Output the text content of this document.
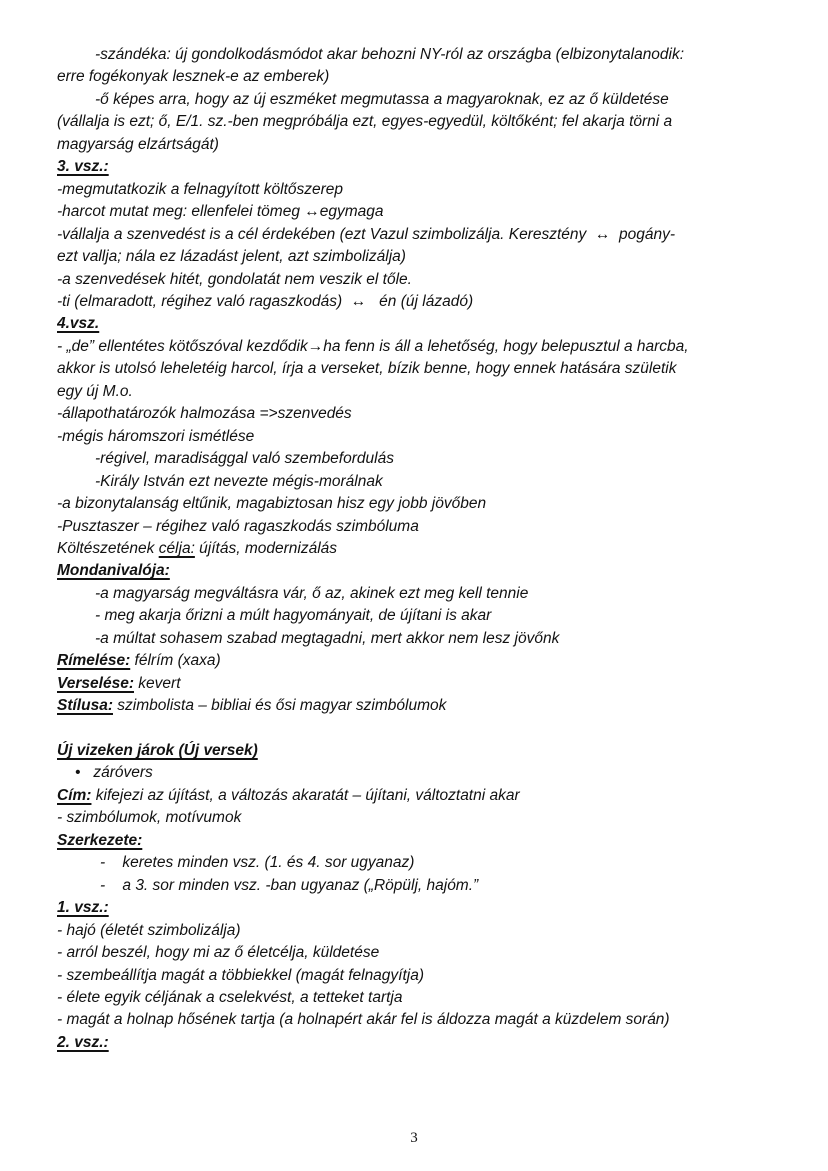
-szándéka: új gondolkodásmódot akar behozni NY-ról az országba (elbizonytalanodik:
erre fogékonyak lesznek-e az emberek)
-ő képes arra, hogy az új eszméket megmutassa a magyaroknak, ez az ő küldetése
(vállalja is ezt; ő, E/1. sz.-ben megpróbálja ezt, egyes-egyedül, költőként; fel akarja törni a
magyarság elzártságát)
3. vsz.:
-megmutatkozik a felnagyított költőszerep
-harcot mutat meg: ellenfelei tömeg ↔egymaga
-vállalja a szenvedést is a cél érdekében (ezt Vazul szimbolizálja. Keresztény  ↔  pogány-
ezt vallja; nála ez lázadást jelent, azt szimbolizálja)
-a szenvedések hitét, gondolatát nem veszik el tőle.
-ti (elmaradott, régihez való ragaszkodás)  ↔   én (új lázadó)
4.vsz.
- „de” ellentétes kötőszóval kezdődik→ha fenn is áll a lehetőség, hogy belepusztul a harcba,
akkor is utolsó leheletéig harcol, írja a verseket, bízik benne, hogy ennek hatására születik
egy új M.o.
-állapothatározók halmozása =>szenvedés
-mégis háromszori ismétlése
-régivel, maradisággal való szembefordulás
-Király István ezt nevezte mégis-morálnak
-a bizonytalanság eltűnik, magabiztosan hisz egy jobb jövőben
-Pusztaszer – régihez való ragaszkodás szimbóluma
Költészetének célja: újítás, modernizálás
Mondanivalója:
-a magyarság megváltásra vár, ő az, akinek ezt meg kell tennie
- meg akarja őrizni a múlt hagyományait, de újítani is akar
-a múltat sohasem szabad megtagadni, mert akkor nem lesz jövőnk
Rímelése: félrím (xaxa)
Verselése: kevert
Stílusa: szimbolista – bibliai és ősi magyar szimbólumok
Új vizeken járok (Új versek)
•   záróvers
Cím: kifejezi az újítást, a változás akaratát – újítani, változtatni akar
- szimbólumok, motívumok
Szerkezete:
-    keretes minden vsz. (1. és 4. sor ugyanaz)
-    a 3. sor minden vsz. -ban ugyanaz („Röpülj, hajóm.”
1. vsz.:
- hajó (életét szimbolizálja)
- arról beszél, hogy mi az ő életcélja, küldetése
- szembeállítja magát a többiekkel (magát felnagyítja)
- élete egyik céljának a cselekvést, a tetteket tartja
- magát a holnap hősének tartja (a holnapért akár fel is áldozza magát a küzdelem során)
2. vsz.:
3
